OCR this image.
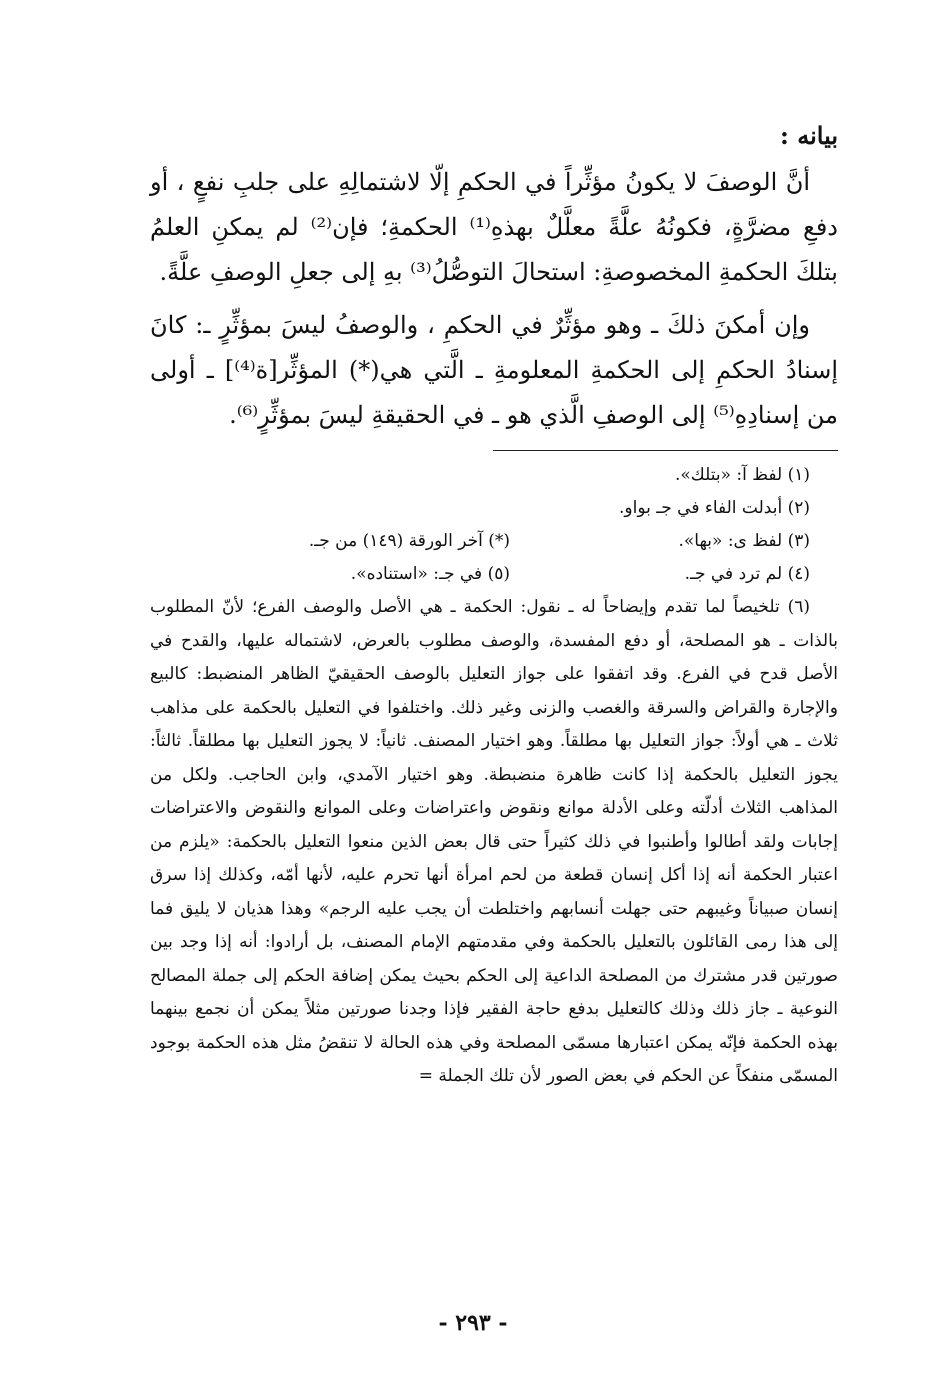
بيانه :

أنَّ الوصفَ لا يكونُ مؤثِّراً في الحكمِ إلّا لاشتمالِهِ على جلبِ نفعٍ ، أو دفعِ مضرَّةٍ، فكونُهُ علَّةً معلَّلٌ بهذهِ⁽¹⁾ الحكمةِ؛ فإن⁽²⁾ لم يمكنِ العلمُ بتلكَ الحكمةِ المخصوصةِ: استحالَ التوصُّلُ⁽³⁾ بهِ إلى جعلِ الوصفِ علَّةً.

وإن أمكنَ ذلكَ ـ وهو مؤثِّرٌ في الحكمِ ، والوصفُ ليسَ بمؤثِّرٍ ـ: كانَ إسنادُ الحكمِ إلى الحكمةِ المعلومةِ ـ الَّتي هي(*) المؤثِّر[ة⁽⁴⁾] ـ أولى من إسنادِهِ⁽⁵⁾ إلى الوصفِ الَّذي هو ـ في الحقيقةِ ليسَ بمؤثِّرٍ⁽⁶⁾.

(١) لفظ آ: «بتلك».

(٢) أبدلت الفاء في جـ بواو.

(٣) لفظ ى: «بها».
(*) آخر الورقة (١٤٩) من جـ.
(٤) لم ترد في جـ.
(٥) في جـ: «استناده».

(٦) تلخيصاً لما تقدم وإيضاحاً له ـ نقول: الحكمة ـ هي الأصل والوصف الفرع؛ لأنّ المطلوب بالذات ـ هو المصلحة، أو دفع المفسدة، والوصف مطلوب بالعرض، لاشتماله عليها، والقدح في الأصل قدح في الفرع. وقد اتفقوا على جواز التعليل بالوصف الحقيقيّ الظاهر المنضبط: كالبيع والإجارة والقراض والسرقة والغصب والزنى وغير ذلك. واختلفوا في التعليل بالحكمة على مذاهب ثلاث ـ هي أولاً: جواز التعليل بها مطلقاً. وهو اختيار المصنف. ثانياً: لا يجوز التعليل بها مطلقاً. ثالثاً: يجوز التعليل بالحكمة إذا كانت ظاهرة منضبطة. وهو اختيار الآمدي، وابن الحاجب. ولكل من المذاهب الثلاث أدلّته وعلى الأدلة موانع ونقوض واعتراضات وعلى الموانع والنقوض والاعتراضات إجابات ولقد أطالوا وأطنبوا في ذلك كثيراً حتى قال بعض الذين منعوا التعليل بالحكمة: «يلزم من اعتبار الحكمة أنه إذا أكل إنسان قطعة من لحم امرأة أنها تحرم عليه، لأنها أمّه، وكذلك إذا سرق إنسان صبياناً وغيبهم حتى جهلت أنسابهم واختلطت أن يجب عليه الرجم» وهذا هذيان لا يليق فما إلى هذا رمى القائلون بالتعليل بالحكمة وفي مقدمتهم الإمام المصنف، بل أرادوا: أنه إذا وجد بين صورتين قدر مشترك من المصلحة الداعية إلى الحكم بحيث يمكن إضافة الحكم إلى جملة المصالح النوعية ـ جاز ذلك وذلك كالتعليل بدفع حاجة الفقير فإذا وجدنا صورتين مثلاً يمكن أن نجمع بينهما بهذه الحكمة فإنّه يمكن اعتبارها مسمّى المصلحة وفي هذه الحالة لا تنقضُ مثل هذه الحكمة بوجود المسمّى منفكاً عن الحكم في بعض الصور لأن تلك الجملة =

- ٢٩٣ -
